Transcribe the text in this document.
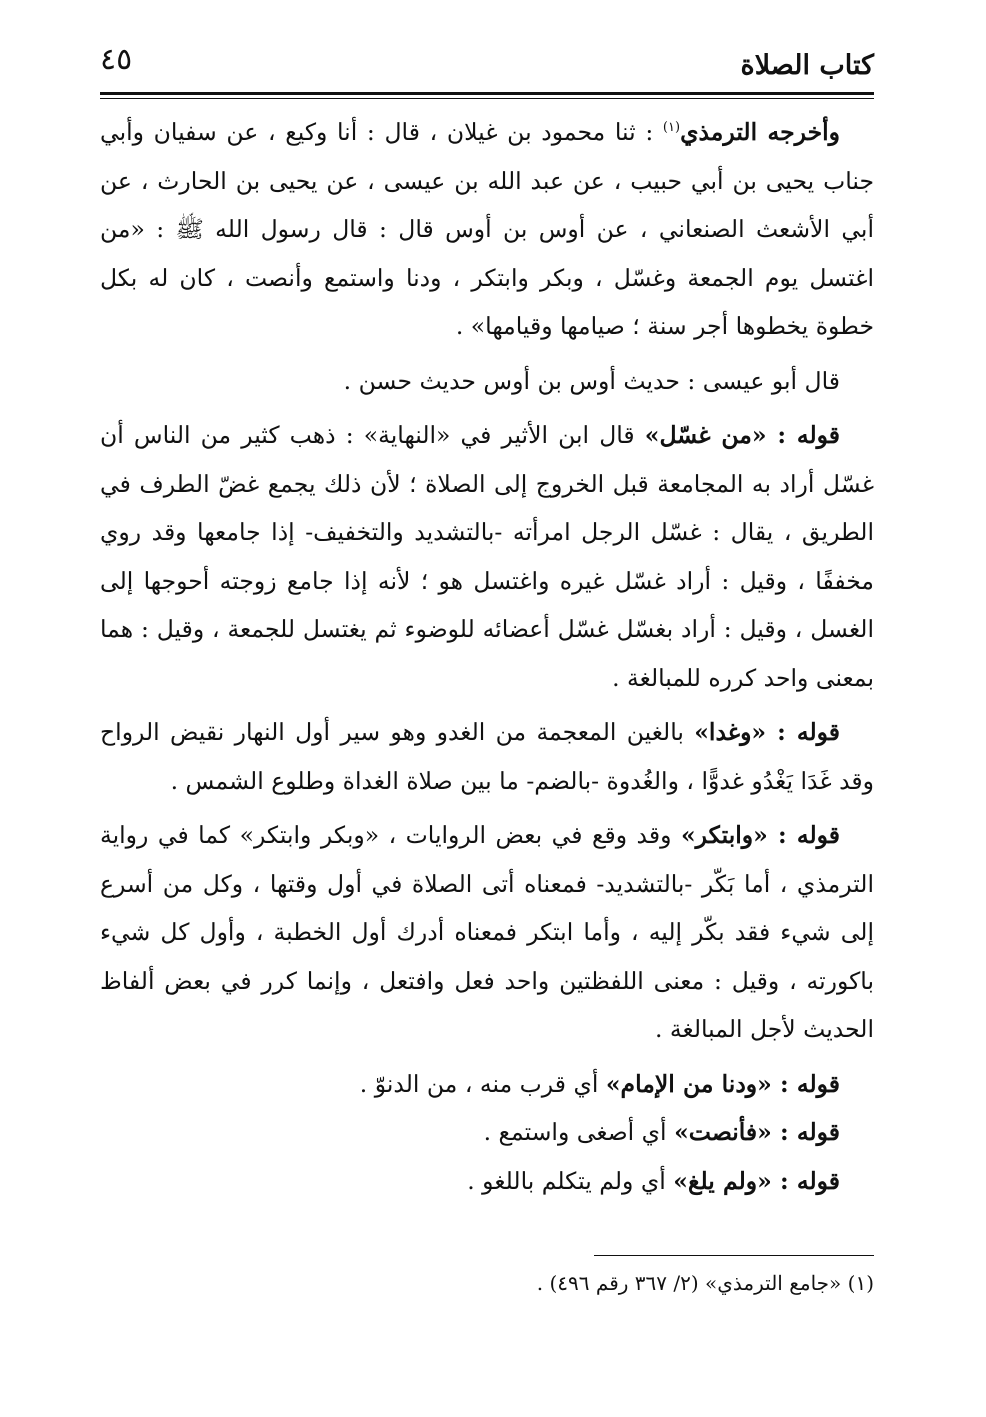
كتاب الصلاة
٤٥

وأخرجه الترمذي$^{(١)}$ : ثنا محمود بن غيلان ، قال : أنا وكيع ، عن سفيان وأبي جناب يحيى بن أبي حبيب ، عن عبد الله بن عيسى ، عن يحيى بن الحارث ، عن أبي الأشعث الصنعاني ، عن أوس بن أوس قال : قال رسول الله ﷺ : «من اغتسل يوم الجمعة وغسّل ، وبكر وابتكر ، ودنا واستمع وأنصت ، كان له بكل خطوة يخطوها أجر سنة ؛ صيامها وقيامها» .

قال أبو عيسى : حديث أوس بن أوس حديث حسن .

قوله : «من غسّل» قال ابن الأثير في «النهاية» : ذهب كثير من الناس أن غسّل أراد به المجامعة قبل الخروج إلى الصلاة ؛ لأن ذلك يجمع غضّ الطرف في الطريق ، يقال : غسّل الرجل امرأته -بالتشديد والتخفيف- إذا جامعها وقد روي مخففًا ، وقيل : أراد غسّل غيره واغتسل هو ؛ لأنه إذا جامع زوجته أحوجها إلى الغسل ، وقيل : أراد بغسّل غسّل أعضائه للوضوء ثم يغتسل للجمعة ، وقيل : هما بمعنى واحد كرره للمبالغة .

قوله : «وغدا» بالغين المعجمة من الغدو وهو سير أول النهار نقيض الرواح وقد غَدَا يَغْدُو غدوًّا ، والغُدوة -بالضم- ما بين صلاة الغداة وطلوع الشمس .

قوله : «وابتكر» وقد وقع في بعض الروايات ، «وبكر وابتكر» كما في رواية الترمذي ، أما بَكّر -بالتشديد- فمعناه أتى الصلاة في أول وقتها ، وكل من أسرع إلى شيء فقد بكّر إليه ، وأما ابتكر فمعناه أدرك أول الخطبة ، وأول كل شيء باكورته ، وقيل : معنى اللفظتين واحد فعل وافتعل ، وإنما كرر في بعض ألفاظ الحديث لأجل المبالغة .

قوله : «ودنا من الإمام» أي قرب منه ، من الدنوّ .

قوله : «فأنصت» أي أصغى واستمع .

قوله : «ولم يلغ» أي ولم يتكلم باللغو .

(١) «جامع الترمذي» (٢/ ٣٦٧ رقم ٤٩٦) .
